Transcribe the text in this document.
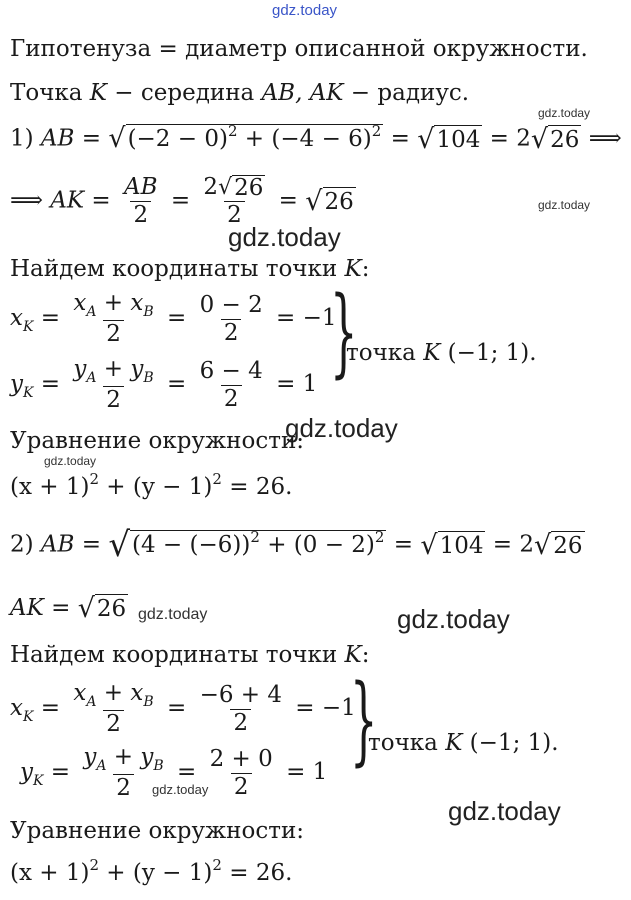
gdz.today
gdz.today
gdz.today
gdz.today
gdz.today
gdz.today
gdz.today	gdz.today
gdz.today
gdz.today
Гипотенуза = диаметр описанной окружности.
Точка K − середина AB, AK − радиус.
1) AB = √ $(-2 - 0)^2 + (-4 - 6)^2$ = √ 104 = 2 √ 26 ⟹
⟹ AK = $\frac{AB}{2} = \frac{2 √ 26}{2}$ = √ 26
Найдем координаты точки K:
$x_K = \frac{x_A + x_B}{2} = \frac{0 - 2}{2} = -1$
$y_K = \frac{y_A + y_B}{2} = \frac{6 - 4}{2} = 1$ }
точка K (−1; 1).
Уравнение окружности:
$(x + 1)^2 + (y - 1)^2 = 26$.
2) AB = √ $(4 - (-6))^2 + (0 - 2)^2$ = √ 104 = 2 √ 26
AK = √ 26
Найдем координаты точки K:
$x_K = \frac{x_A + x_B}{2} = \frac{-6 + 4}{2} = -1$
$y_K = \frac{y_A + y_B}{2} = \frac{2 + 0}{2} = 1$ }
точка K (−1; 1).
Уравнение окружности:
$(x + 1)^2 + (y - 1)^2 = 26$.
